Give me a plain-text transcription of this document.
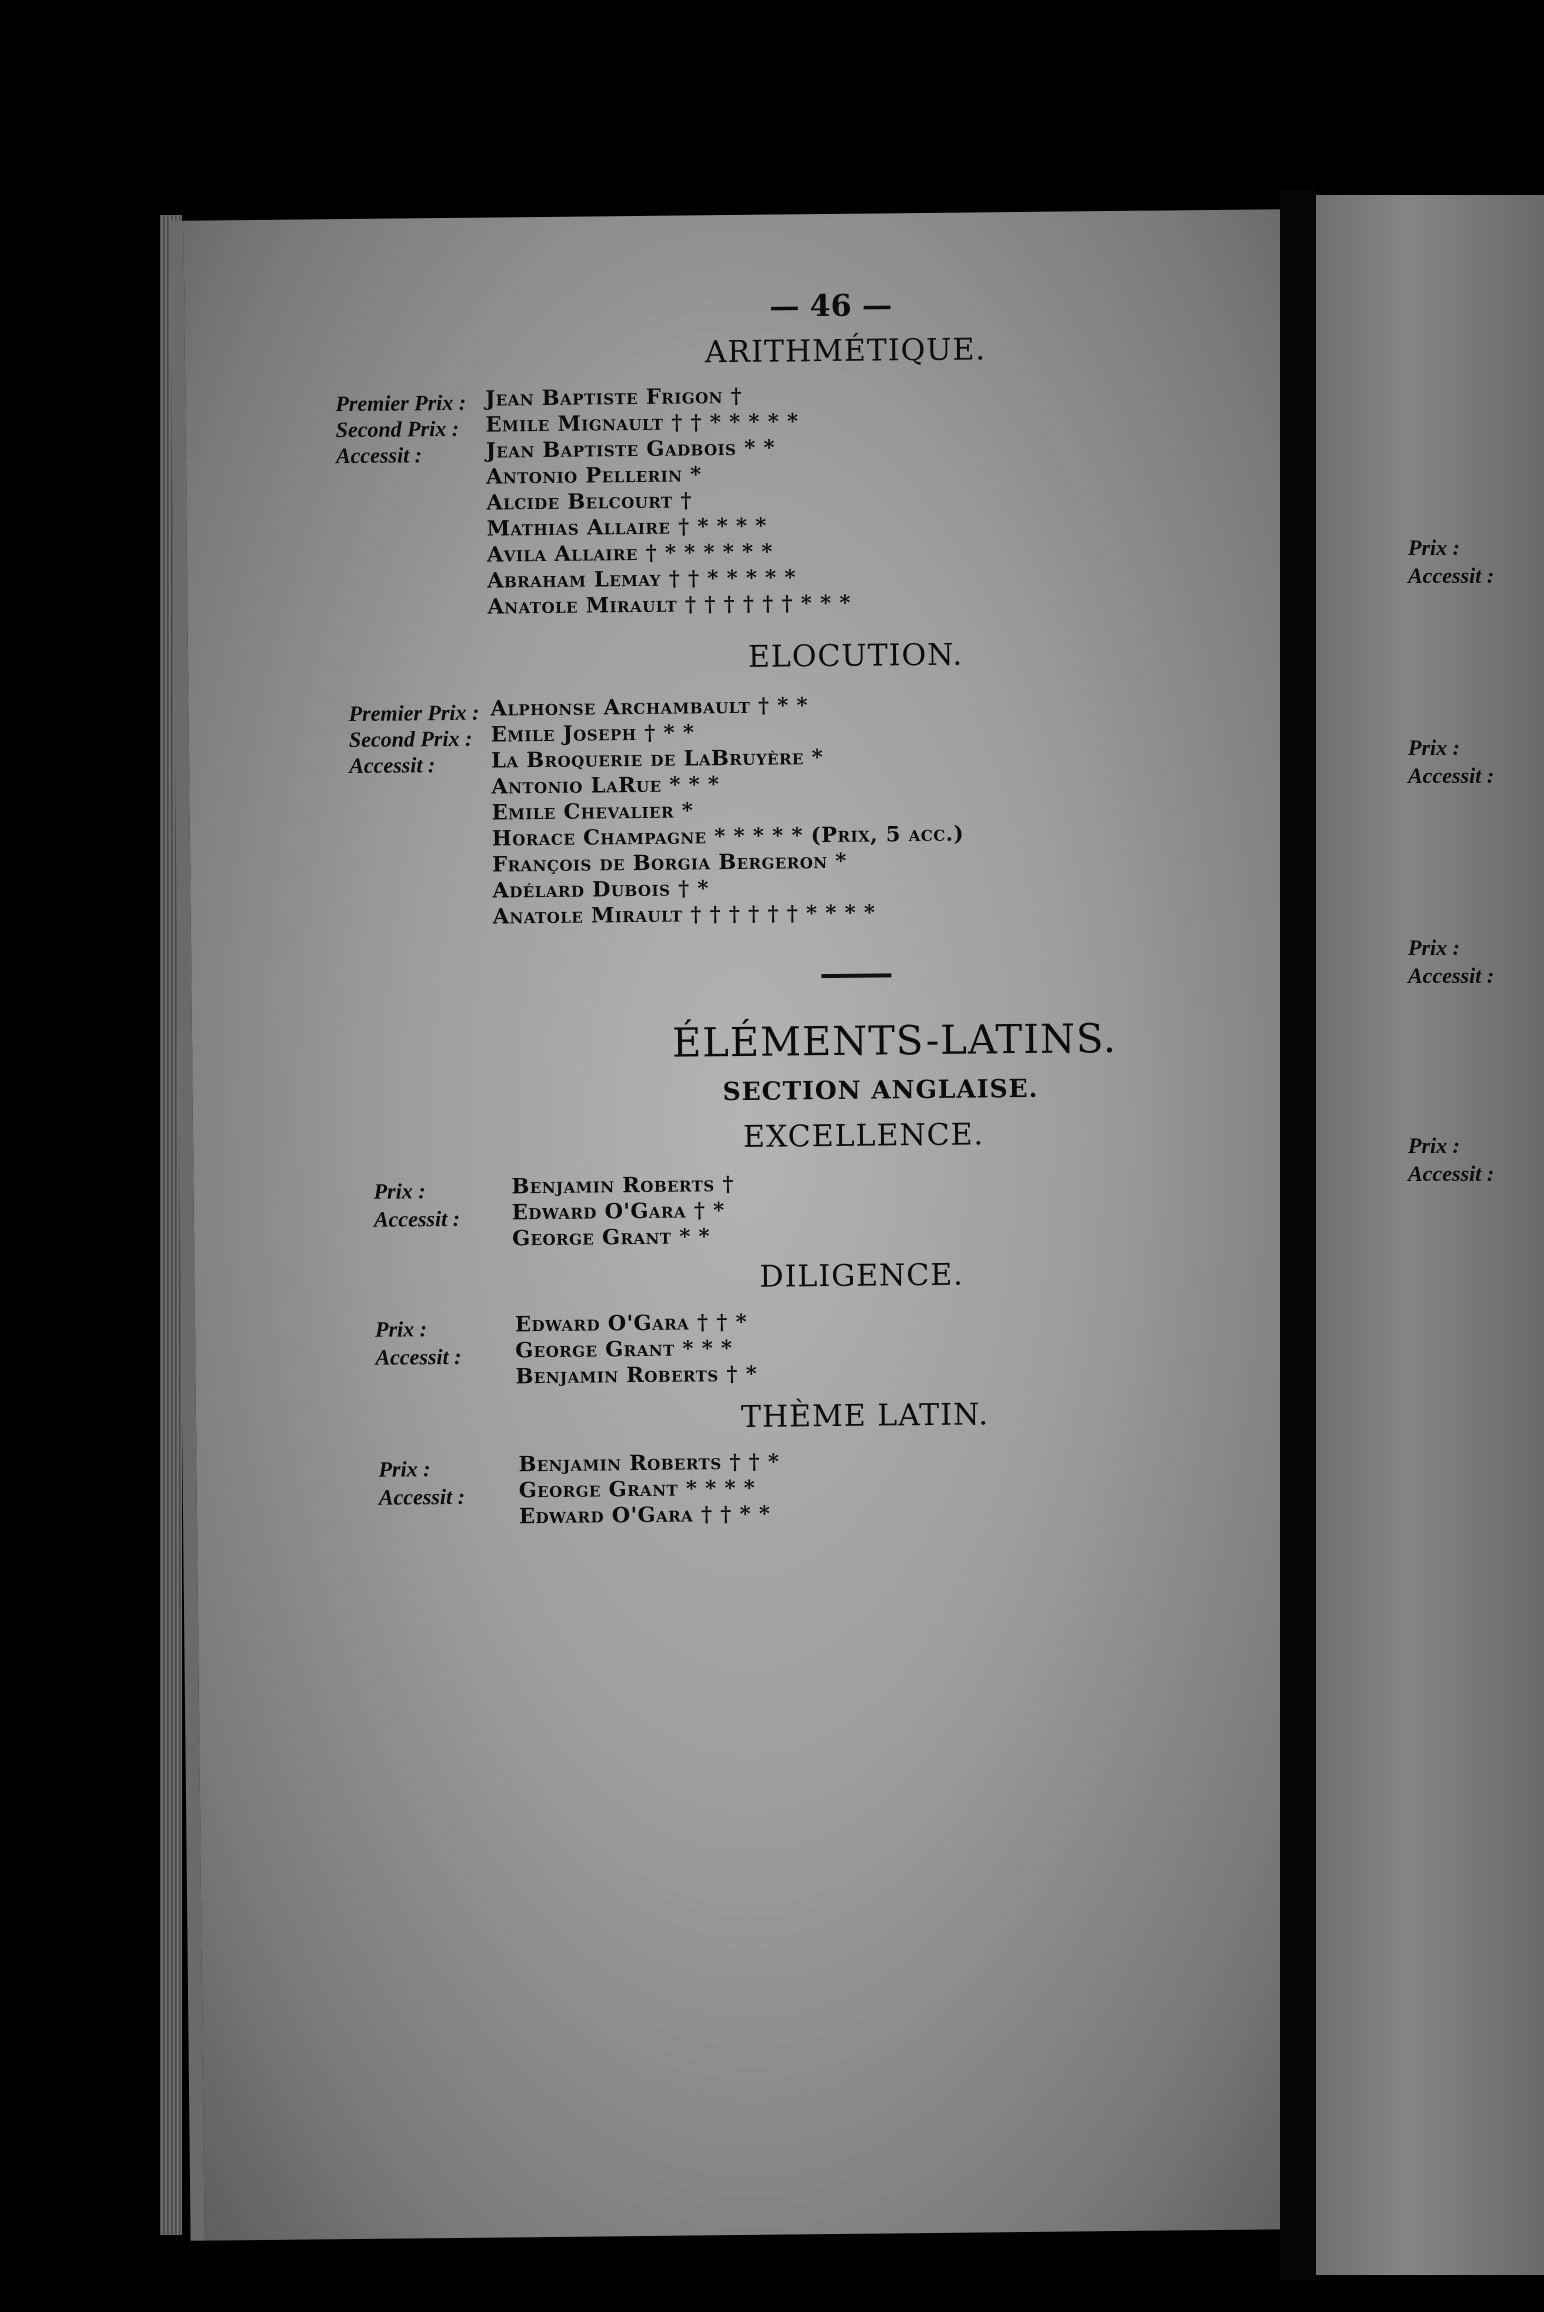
— 46 —
ARITHMÉTIQUE.
Premier Prix :
Second Prix :
Accessit :
Jean Baptiste Frigon †
Emile Mignault † † * * * * *
Jean Baptiste Gadbois * *
Antonio Pellerin *
Alcide Belcourt †
Mathias Allaire † * * * *
Avila Allaire † * * * * * *
Abraham Lemay † † * * * * *
Anatole Mirault † † † † † † * * *
ELOCUTION.
Premier Prix :
Second Prix :
Accessit :
Alphonse Archambault † * *
Emile Joseph † * *
La Broquerie de LaBruyère *
Antonio LaRue * * *
Emile Chevalier *
Horace Champagne * * * * * (Prix, 5 acc.)
François de Borgia Bergeron *
Adélard Dubois † *
Anatole Mirault † † † † † † * * * *
ÉLÉMENTS-LATINS.
SECTION ANGLAISE.
EXCELLENCE.
Prix :
Accessit :
Benjamin Roberts †
Edward O'Gara † *
George Grant * *
DILIGENCE.
Prix :
Accessit :
Edward O'Gara † † *
George Grant * * *
Benjamin Roberts † *
THÈME LATIN.
Prix :
Accessit :
Benjamin Roberts † † *
George Grant * * * *
Edward O'Gara † † * *
Prix :
Accessit :
Prix :
Accessit :
Prix :
Accessit :
Prix :
Accessit :
